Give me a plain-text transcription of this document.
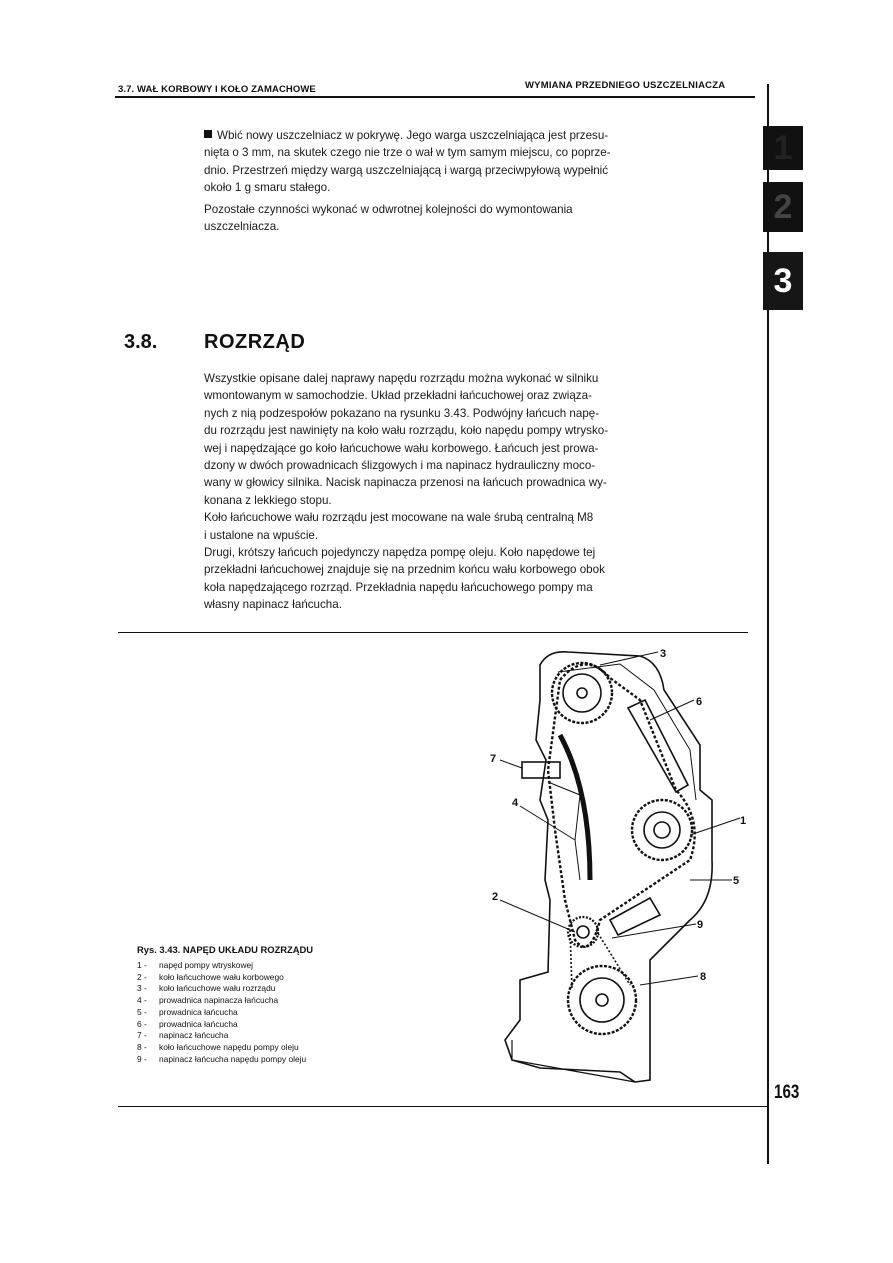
3.7. WAŁ KORBOWY I KOŁO ZAMACHOWE	WYMIANA PRZEDNIEGO USZCZELNIACZA
1
2
3
Wbić nowy uszczelniacz w pokrywę. Jego warga uszczelniająca jest przesu-
nięta o 3 mm, na skutek czego nie trze o wał w tym samym miejscu, co poprze-
dnio. Przestrzeń między wargą uszczelniającą i wargą przeciwpyłową wypełnić
około 1 g smaru stałego.
Pozostałe czynności wykonać w odwrotnej kolejności do wymontowania
uszczelniacza.
3.8. ROZRZĄD
Wszystkie opisane dalej naprawy napędu rozrządu można wykonać w silniku
wmontowanym w samochodzie. Układ przekładni łańcuchowej oraz związa-
nych z nią podzespołów pokazano na rysunku 3.43. Podwójny łańcuch napę-
du rozrządu jest nawinięty na koło wału rozrządu, koło napędu pompy wtrysko-
wej i napędzające go koło łańcuchowe wału korbowego. Łańcuch jest prowa-
dzony w dwóch prowadnicach ślizgowych i ma napinacz hydrauliczny moco-
wany w głowicy silnika. Nacisk napinacza przenosi na łańcuch prowadnica wy-
konana z lekkiego stopu.
Koło łańcuchowe wału rozrządu jest mocowane na wale śrubą centralną M8
i ustalone na wpuście.
Drugi, krótszy łańcuch pojedynczy napędza pompę oleju. Koło napędowe tej
przekładni łańcuchowej znajduje się na przednim końcu wału korbowego obok
koła napędzającego rozrząd. Przekładnia napędu łańcuchowego pompy ma
własny napinacz łańcucha.
3
6
1
5
9
8
2
4
7
Rys. 3.43. NAPĘD UKŁADU ROZRZĄDU
1 - napęd pompy wtryskowej
2 - koło łańcuchowe wału korbowego
3 - koło łańcuchowe wału rozrządu
4 - prowadnica napinacza łańcucha
5 - prowadnica łańcucha
6 - prowadnica łańcucha
7 - napinacz łańcucha
8 - koło łańcuchowe napędu pompy oleju
9 - napinacz łańcucha napędu pompy oleju
163
